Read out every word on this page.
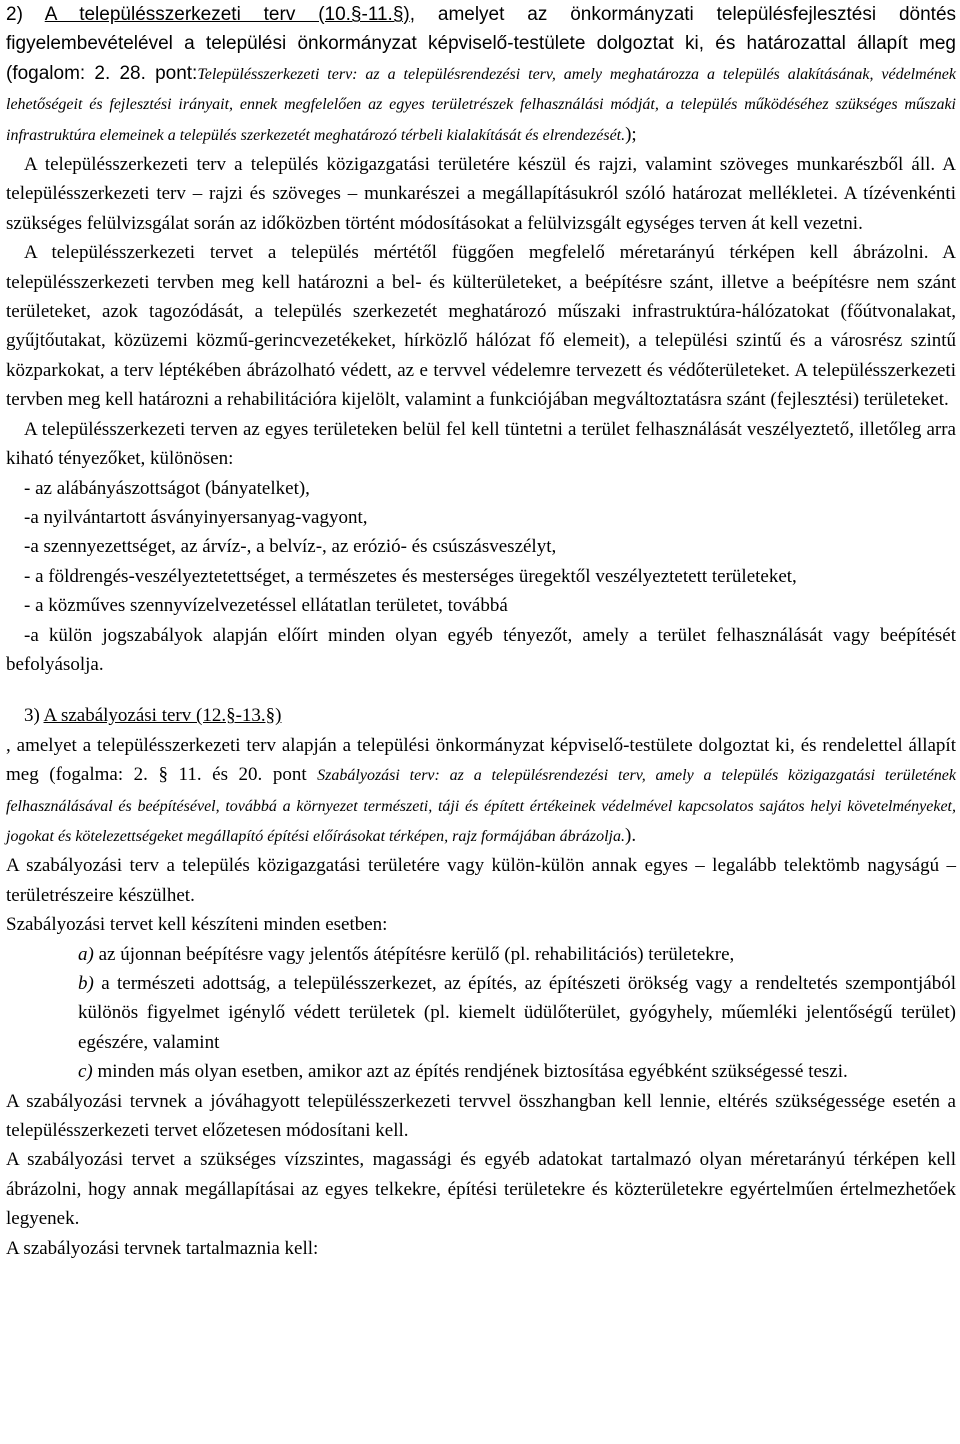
2) A településszerkezeti terv (10.§-11.§), amelyet az önkormányzati településfejlesztési döntés figyelembevételével a települési önkormányzat képviselő-testülete dolgoztat ki, és határozattal állapít meg (fogalom: 2. 28. pont:Településszerkezeti terv: az a településrendezési terv, amely meghatározza a település alakításának, védelmének lehetőségeit és fejlesztési irányait, ennek megfelelően az egyes területrészek felhasználási módját, a település működéséhez szükséges műszaki infrastruktúra elemeinek a település szerkezetét meghatározó térbeli kialakítását és elrendezését.);

A településszerkezeti terv a település közigazgatási területére készül és rajzi, valamint szöveges munkarészből áll. A településszerkezeti terv – rajzi és szöveges – munkarészei a megállapításukról szóló határozat mellékletei. A tízévenkénti szükséges felülvizsgálat során az időközben történt módosításokat a felülvizsgált egységes terven át kell vezetni.

A településszerkezeti tervet a település mértétől függően megfelelő méretarányú térképen kell ábrázolni. A településszerkezeti tervben meg kell határozni a bel- és külterületeket, a beépítésre szánt, illetve a beépítésre nem szánt területeket, azok tagozódását, a település szerkezetét meghatározó műszaki infrastruktúra-hálózatokat (főútvonalakat, gyűjtőutakat, közüzemi közmű-gerincvezetékeket, hírközlő hálózat fő elemeit), a települési szintű és a városrész szintű közparkokat, a terv léptékében ábrázolható védett, az e tervvel védelemre tervezett és védőterületeket. A településszerkezeti tervben meg kell határozni a rehabilitációra kijelölt, valamint a funkciójában megváltoztatásra szánt (fejlesztési) területeket.

A településszerkezeti terven az egyes területeken belül fel kell tüntetni a terület felhasználását veszélyeztető, illetőleg arra kiható tényezőket, különösen:

- az alábányászottságot (bányatelket),

-a nyilvántartott ásványinyersanyag-vagyont,

-a szennyezettséget, az árvíz-, a belvíz-, az erózió- és csúszásveszélyt,

- a földrengés-veszélyeztetettséget, a természetes és mesterséges üregektől veszélyeztetett területeket,

- a közműves szennyvízelvezetéssel ellátatlan területet, továbbá

-a külön jogszabályok alapján előírt minden olyan egyéb tényezőt, amely a terület felhasználását vagy beépítését befolyásolja.

3) A szabályozási terv (12.§-13.§)

, amelyet a településszerkezeti terv alapján a települési önkormányzat képviselő-testülete dolgoztat ki, és rendelettel állapít meg (fogalma: 2. § 11. és 20. pont Szabályozási terv: az a településrendezési terv, amely a település közigazgatási területének felhasználásával és beépítésével, továbbá a környezet természeti, táji és épített értékeinek védelmével kapcsolatos sajátos helyi követelményeket, jogokat és kötelezettségeket megállapító építési előírásokat térképen, rajz formájában ábrázolja.).

A szabályozási terv a település közigazgatási területére vagy külön-külön annak egyes – legalább telektömb nagyságú – területrészeire készülhet.

Szabályozási tervet kell készíteni minden esetben:

a) az újonnan beépítésre vagy jelentős átépítésre kerülő (pl. rehabilitációs) területekre,

b) a természeti adottság, a településszerkezet, az építés, az építészeti örökség vagy a rendeltetés szempontjából különös figyelmet igénylő védett területek (pl. kiemelt üdülőterület, gyógyhely, műemléki jelentőségű terület) egészére, valamint

c) minden más olyan esetben, amikor azt az építés rendjének biztosítása egyébként szükségessé teszi.

A szabályozási tervnek a jóváhagyott településszerkezeti tervvel összhangban kell lennie, eltérés szükségessége esetén a településszerkezeti tervet előzetesen módosítani kell.

A szabályozási tervet a szükséges vízszintes, magassági és egyéb adatokat tartalmazó olyan méretarányú térképen kell ábrázolni, hogy annak megállapításai az egyes telkekre, építési területekre és közterületekre egyértelműen értelmezhetőek legyenek.

A szabályozási tervnek tartalmaznia kell:
